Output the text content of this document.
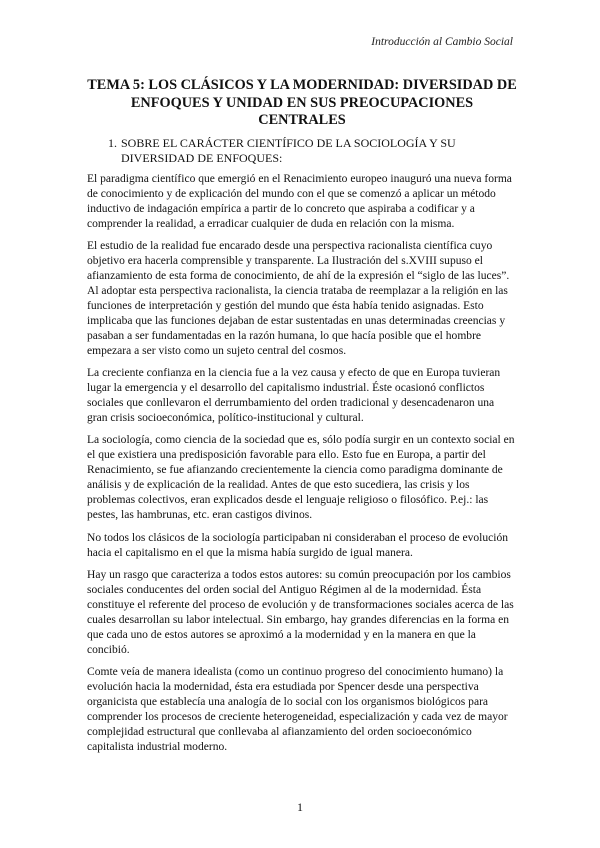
Introducción al Cambio Social
TEMA 5: LOS CLÁSICOS Y LA MODERNIDAD: DIVERSIDAD DE ENFOQUES Y UNIDAD EN SUS PREOCUPACIONES CENTRALES
1. SOBRE EL CARÁCTER CIENTÍFICO DE LA SOCIOLOGÍA Y SU DIVERSIDAD DE ENFOQUES:

El paradigma científico que emergió en el Renacimiento europeo inauguró una nueva forma de conocimiento y de explicación del mundo con el que se comenzó a aplicar un método inductivo de indagación empírica a partir de lo concreto que aspiraba a codificar y a comprender la realidad, a erradicar cualquier de duda en relación con la misma.

El estudio de la realidad fue encarado desde una perspectiva racionalista científica cuyo objetivo era hacerla comprensible y transparente. La Ilustración del s.XVIII supuso el afianzamiento de esta forma de conocimiento, de ahí de la expresión el “siglo de las luces”. Al adoptar esta perspectiva racionalista, la ciencia trataba de reemplazar a la religión en las funciones de interpretación y gestión del mundo que ésta había tenido asignadas. Esto implicaba que las funciones dejaban de estar sustentadas en unas determinadas creencias y pasaban a ser fundamentadas en la razón humana, lo que hacía posible que el hombre empezara a ser visto como un sujeto central del cosmos.

La creciente confianza en la ciencia fue a la vez causa y efecto de que en Europa tuvieran lugar la emergencia y el desarrollo del capitalismo industrial. Éste ocasionó conflictos sociales que conllevaron el derrumbamiento del orden tradicional y desencadenaron una gran crisis socioeconómica, político-institucional y cultural.

La sociología, como ciencia de la sociedad que es, sólo podía surgir en un contexto social en el que existiera una predisposición favorable para ello. Esto fue en Europa, a partir del Renacimiento, se fue afianzando crecientemente la ciencia como paradigma dominante de análisis y de explicación de la realidad. Antes de que esto sucediera, las crisis y los problemas colectivos, eran explicados desde el lenguaje religioso o filosófico. P.ej.: las pestes, las hambrunas, etc. eran castigos divinos.

No todos los clásicos de la sociología participaban ni consideraban el proceso de evolución hacia el capitalismo en el que la misma había surgido de igual manera.

Hay un rasgo que caracteriza a todos estos autores: su común preocupación por los cambios sociales conducentes del orden social del Antiguo Régimen al de la modernidad. Ésta constituye el referente del proceso de evolución y de transformaciones sociales acerca de las cuales desarrollan su labor intelectual. Sin embargo, hay grandes diferencias en la forma en que cada uno de estos autores se aproximó a la modernidad y en la manera en que la concibió.

Comte veía de manera idealista (como un continuo progreso del conocimiento humano) la evolución hacia la modernidad, ésta era estudiada por Spencer desde una perspectiva organicista que establecía una analogía de lo social con los organismos biológicos para comprender los procesos de creciente heterogeneidad, especialización y cada vez de mayor complejidad estructural que conllevaba al afianzamiento del orden socioeconómico capitalista industrial moderno.

1
